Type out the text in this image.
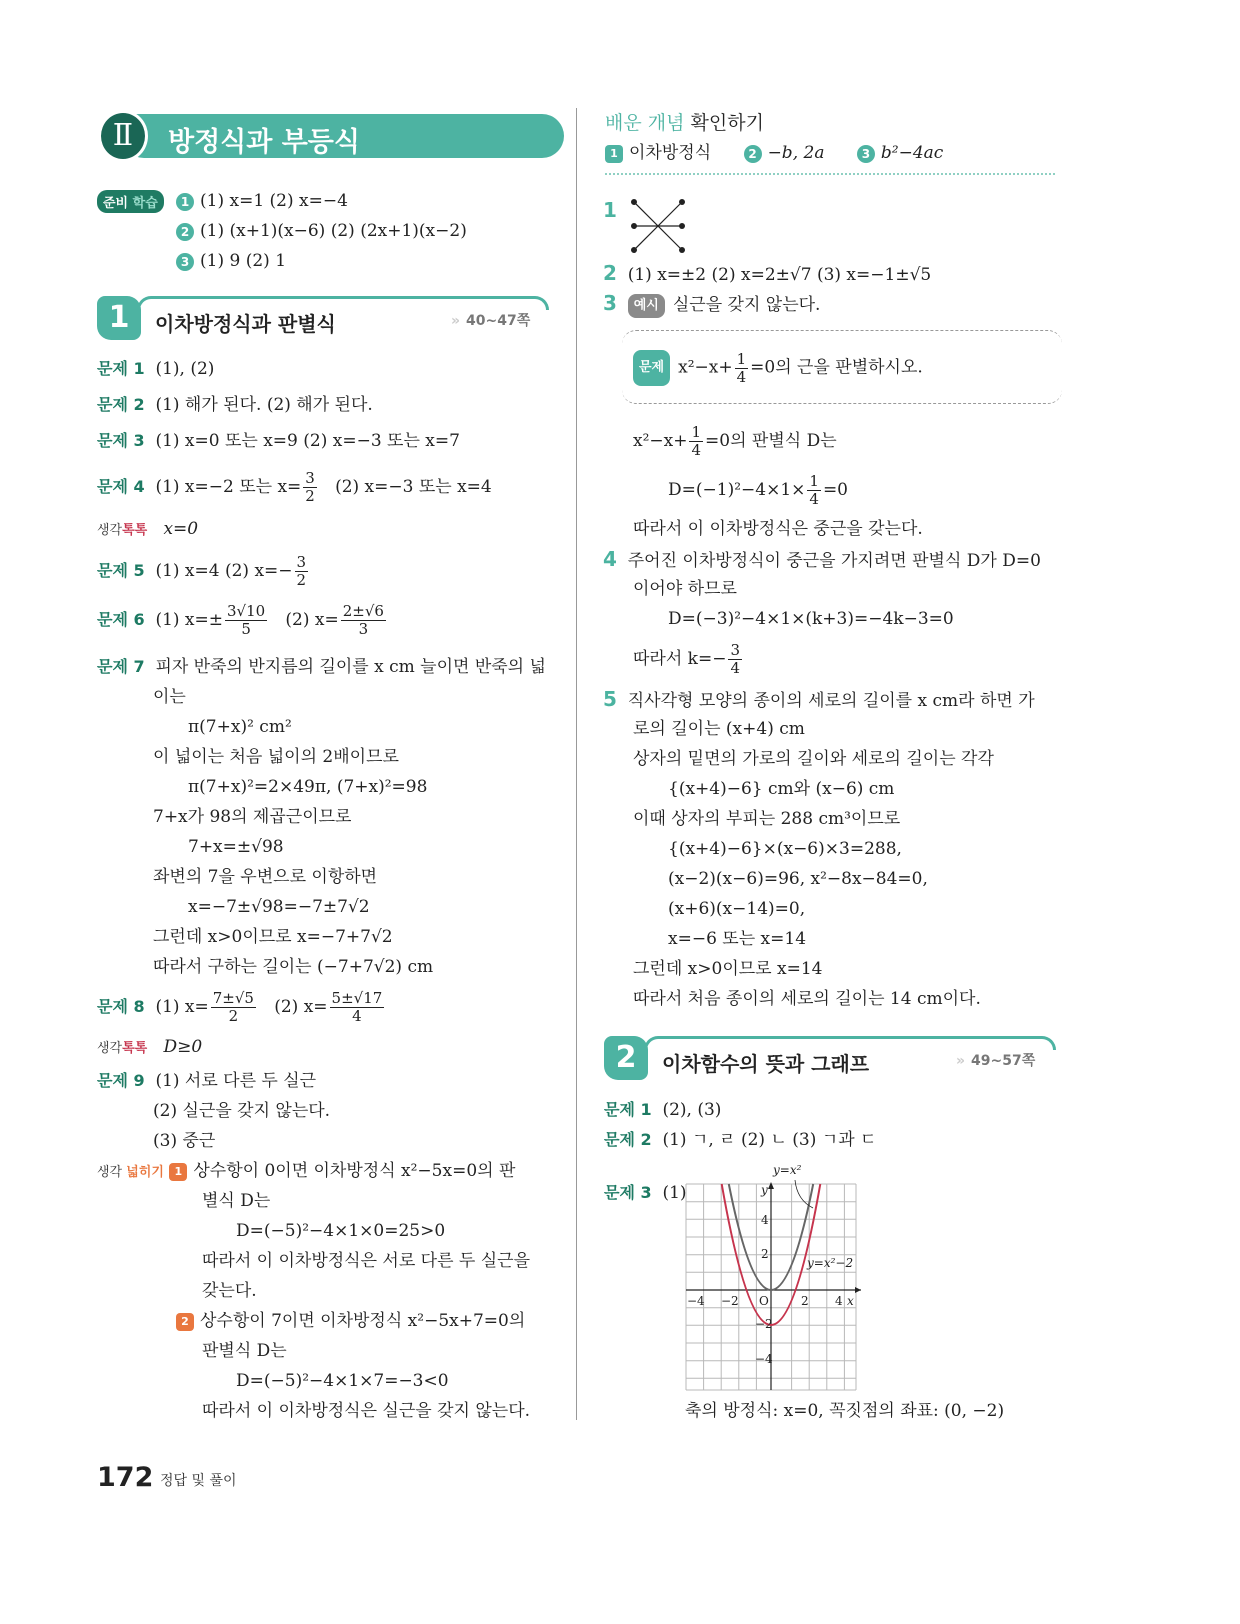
Ⅱ	방정식과 부등식
준비 학습	1 (1) x=1 (2) x=−4
2 (1) (x+1)(x−6) (2) (2x+1)(x−2)
3 (1) 9 (2) 1
1	이차방정식과 판별식	» 40~47쪽
문제 1 (1), (2)
문제 2 (1) 해가 된다. (2) 해가 된다.
문제 3 (1) x=0 또는 x=9 (2) x=−3 또는 x=7
문제 4 (1) x=−2 또는 $x= \frac{3}{2} (2)$ x=−3 또는 x=4
생각톡톡 x=0
문제 5 (1) x=4 (2) $x=- \frac{3}{2}$
문제 6 (1) $x=\pm \frac{3√10}{5} (2)$ $x= \frac{2\pm√6}{3}$
문제 7 피자 반죽의 반지름의 길이를 x cm 늘이면 반죽의 넓
이는
π(7+x)² cm²
이 넓이는 처음 넓이의 2배이므로
π(7+x)²=2×49π, (7+x)²=98
7+x가 98의 제곱근이므로
7+x=±√98
좌변의 7을 우변으로 이항하면
x=−7±√98=−7±7√2
그런데 x>0이므로 x=−7+7√2
따라서 구하는 길이는 (−7+7√2) cm
문제 8 (1) $x= \frac{7\pm√5}{2} (2)$ $x= \frac{5\pm√17}{4}$
생각톡톡 D≥0
문제 9 (1) 서로 다른 두 실근
(2) 실근을 갖지 않는다.
(3) 중근
생각 넓히기 1 상수항이 0이면 이차방정식 x²−5x=0의 판
별식 D는
D=(−5)²−4×1×0=25>0
따라서 이 이차방정식은 서로 다른 두 실근을
갖는다.
2 상수항이 7이면 이차방정식 x²−5x+7=0의
판별식 D는
D=(−5)²−4×1×7=−3<0
따라서 이 이차방정식은 실근을 갖지 않는다.
배운 개념 확인하기
1 이차방정식	2 −b, 2a	3 b²−4ac
1
2 (1) x=±2 (2) x=2±√7 (3) x=−1±√5
3 예시 실근을 갖지 않는다.
문제 $x^2-x+ \frac{1}{4} =0$의 근을 판별하시오.
$x^2-x+ \frac{1}{4} =0$의 판별식 D는
$D=(-1)^2-4\times 1\times \frac{1}{4} =0$
따라서 이 이차방정식은 중근을 갖는다.
4 주어진 이차방정식이 중근을 가지려면 판별식 D가 D=0
이어야 하므로
D=(−3)²−4×1×(k+3)=−4k−3=0
따라서 $k=- \frac{3}{4}$
5 직사각형 모양의 종이의 세로의 길이를 x cm라 하면 가
로의 길이는 (x+4) cm
상자의 밑면의 가로의 길이와 세로의 길이는 각각
{(x+4)−6} cm와 (x−6) cm
이때 상자의 부피는 288 cm³이므로
{(x+4)−6}×(x−6)×3=288,
(x−2)(x−6)=96, x²−8x−84=0,
(x+6)(x−14)=0,
x=−6 또는 x=14
그런데 x>0이므로 x=14
따라서 처음 종이의 세로의 길이는 14 cm이다.
2	이차함수의 뜻과 그래프	» 49~57쪽
문제 1 (2), (3)
문제 2 (1) ㄱ, ㄹ (2) ㄴ (3) ㄱ과 ㄷ
문제 3 (1)
y=x²
y
4
2
−2
−4
−4 −2 O	2 4 x
y=x²−2
축의 방정식: x=0, 꼭짓점의 좌표: (0, −2)
172 정답 및 풀이
